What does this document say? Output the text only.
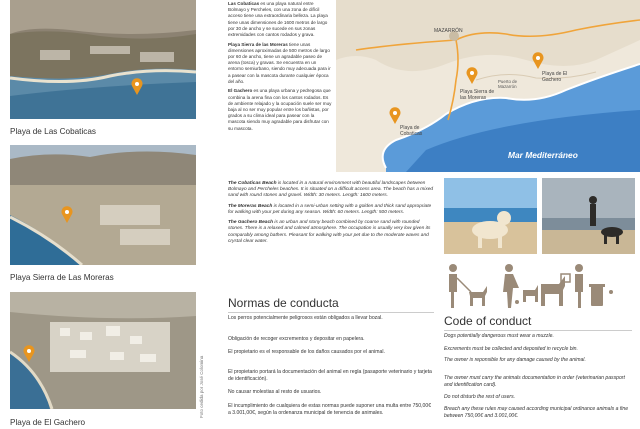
Playa de Las Cobaticas
Playa Sierra de Las Moreras
Playa de El Gachero
Foto cedida por José Colomina

Las Cobaticas es una playa natural entre Bolmayo y Percheles, con una zona de difícil acceso tiene una extraordinaria belleza. La playa tiene unas dimensiones de 1600 metros de largo por 30 de ancho y se sucede en sus zonas extremidades con cantos rodados y grava.

Playa Sierra de las Moreras tiene unas dimensiones aproximadas de 500 metros de largo por 60 de ancho, tiene un agradable paseo de arena (tosca) y gravas. Se encuentra en un entorno semiurbano, siendo muy adecuada para ir a pasear con la mascota durante cualquier época del año.

El Gachero es una playa urbana y pedregosa que combina la arena fina con los cantos rodados. Es de ambiente relajado y la ocupación suele ser muy baja al no ser muy popular entre los bañistas, por grados a su clima ideal para pasear con la mascota siendo muy agradable para disfrutar con su mascota.

MAZARRÓN
Puerto de Mazarrón
Playa de Cobaticas
Playa Sierra de las Moreras
Playa de El Gachero
Mar Mediterráneo

The Cobaticas Beach is located in a natural environment with beautiful landscapes between Bolmayo and Percheles beaches. It is situated on a difficult access area. The beach has a mixed sand with round stones and gravel. Width: 30 meters. Length: 1600 meters.

The Moreras Beach is located in a semi-urban setting with a golden and thick sand appropriate for walking with your pet during any season. Width: 60 meters. Length: 500 meters.

The Gachero Beach is an urban and stony beach combined by coarse sand with rounded stones. There is a relaxed and calmed atmosphere. The occupation is usually very low given its comparably among bathers. Pleasant for walking with your pet due to the moderate waves and crystal clear water.

Normas de conducta
Los perros potencialmente peligrosos están obligados a llevar bozal.
Obligación de recoger excrementos y depositar en papelera.
El propietario es el responsable de los daños causados por el animal.
El propietario portará la documentación del animal en regla (pasaporte veterinario y tarjeta de identificación).
No causar molestias al resto de usuarios.
El incumplimiento de cualquiera de estas normas puede suponer una multa entre 750,00€ a 3.001,00€, según la ordenanza municipal de tenencia de animales.
Code of conduct
Dogs potentially dangerous must wear a muzzle.
Excrements must be collected and deposited in recycle bin.
The owner is reponsible for any damage caused by the animal.
The owner must carry the animals documentation in order (veterinarian passport and identification card).
Do not disturb the rest of users.
Breach any these rules may caused according municipal ordinance animals a fine between 750,00€ and 3.001,00€.
